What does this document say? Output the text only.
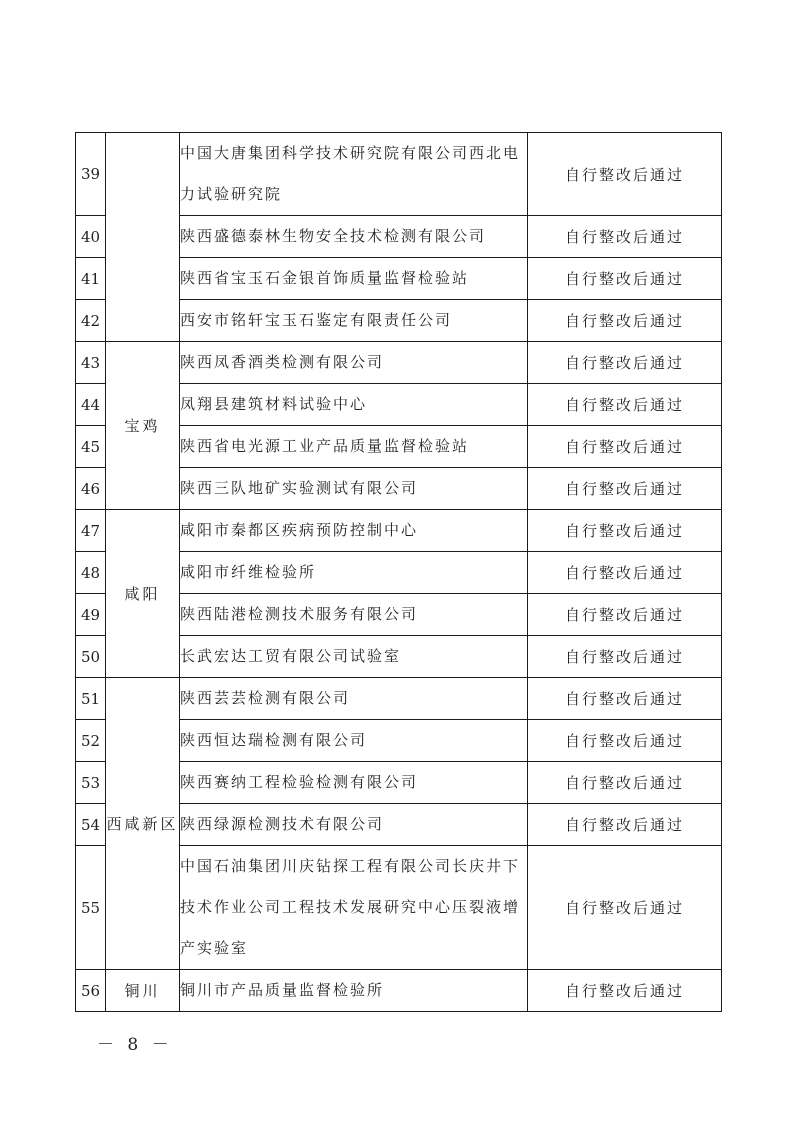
39		中国大唐集团科学技术研究院有限公司西北电力试验研究院	自行整改后通过
40		陕西盛德泰林生物安全技术检测有限公司	自行整改后通过
41		陕西省宝玉石金银首饰质量监督检验站	自行整改后通过
42		西安市铭轩宝玉石鉴定有限责任公司	自行整改后通过
43	宝鸡	陕西凤香酒类检测有限公司	自行整改后通过
44		凤翔县建筑材料试验中心	自行整改后通过
45		陕西省电光源工业产品质量监督检验站	自行整改后通过
46		陕西三队地矿实验测试有限公司	自行整改后通过
47	咸阳	咸阳市秦都区疾病预防控制中心	自行整改后通过
48		咸阳市纤维检验所	自行整改后通过
49		陕西陆港检测技术服务有限公司	自行整改后通过
50		长武宏达工贸有限公司试验室	自行整改后通过
51	西咸新区	陕西芸芸检测有限公司	自行整改后通过
52		陕西恒达瑞检测有限公司	自行整改后通过
53		陕西赛纳工程检验检测有限公司	自行整改后通过
54		陕西绿源检测技术有限公司	自行整改后通过
55		中国石油集团川庆钻探工程有限公司长庆井下技术作业公司工程技术发展研究中心压裂液增产实验室	自行整改后通过
56	铜川	铜川市产品质量监督检验所	自行整改后通过
－ 8 －
